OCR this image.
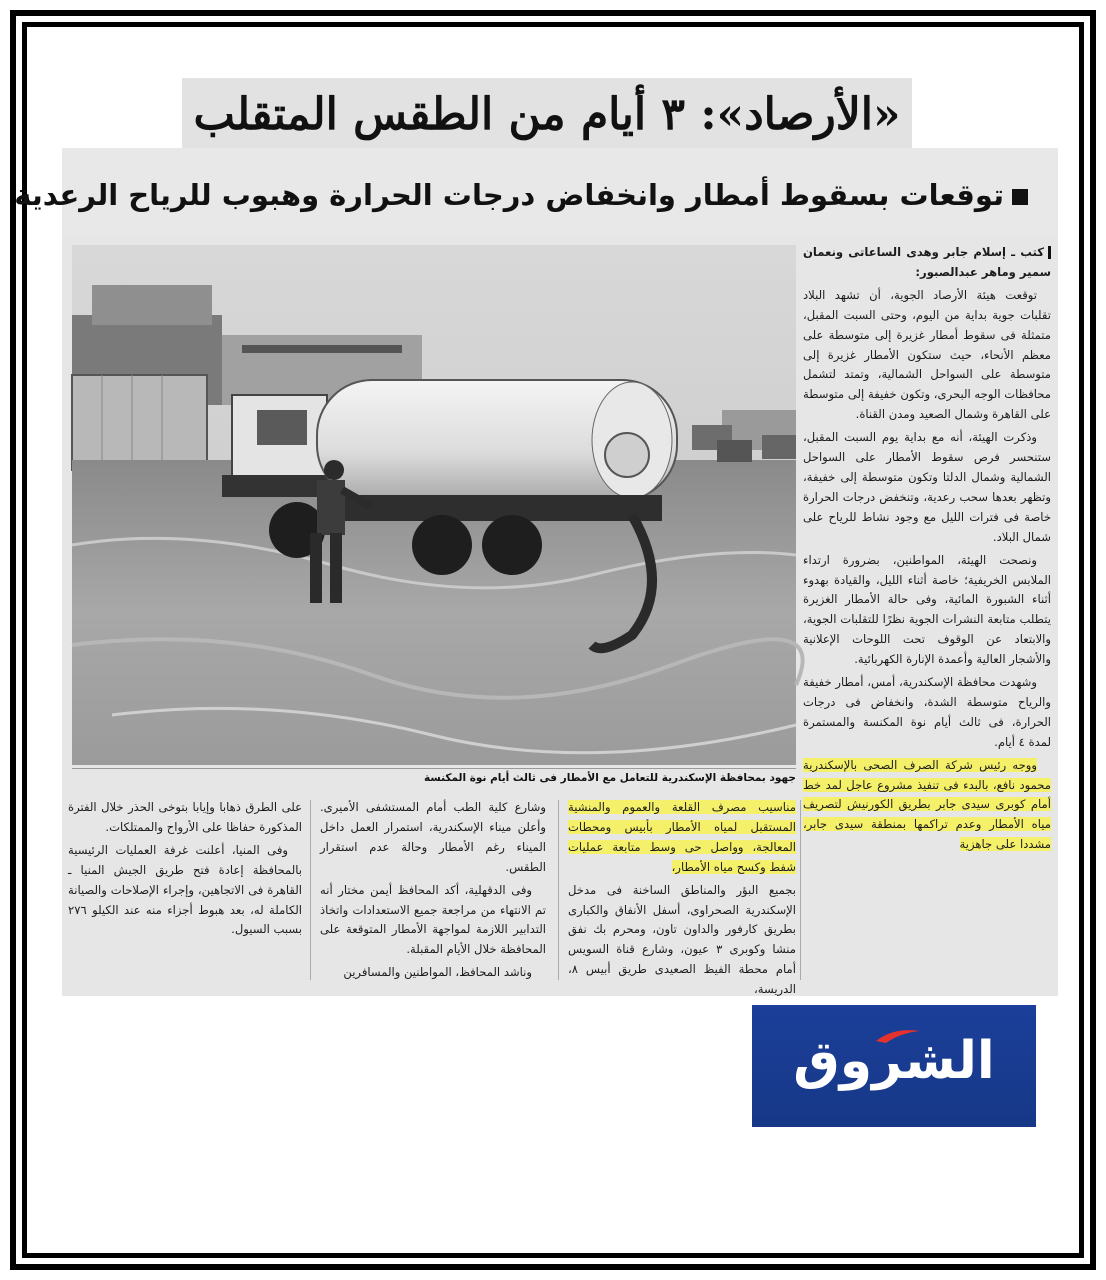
«الأرصاد»: ٣ أيام من الطقس المتقلب
توقعات بسقوط أمطار وانخفاض درجات الحرارة وهبوب للرياح الرعدية
جهود بمحافظة الإسكندرية للتعامل مع الأمطار فى ثالث أيام نوة المكنسة

كتب ـ إسلام جابر وهدى الساعاتى ونعمان سمير وماهر عبدالصبور:

توقعت هيئة الأرصاد الجوية، أن تشهد البلاد تقلبات جوية بداية من اليوم، وحتى السبت المقبل، متمثلة فى سقوط أمطار غزيرة إلى متوسطة على معظم الأنحاء، حيث ستكون الأمطار غزيرة إلى متوسطة على السواحل الشمالية، وتمتد لتشمل محافظات الوجه البحرى، وتكون خفيفة إلى متوسطة على القاهرة وشمال الصعيد ومدن القناة.

وذكرت الهيئة، أنه مع بداية يوم السبت المقبل، ستنحسر فرص سقوط الأمطار على السواحل الشمالية وشمال الدلتا وتكون متوسطة إلى خفيفة، وتظهر بعدها سحب رعدية، وتنخفض درجات الحرارة خاصة فى فترات الليل مع وجود نشاط للرياح على شمال البلاد.

ونصحت الهيئة، المواطنين، بضرورة ارتداء الملابس الخريفية؛ خاصة أثناء الليل، والقيادة بهدوء أثناء الشبورة المائية، وفى حالة الأمطار الغزيرة يتطلب متابعة النشرات الجوية نظرًا للتقلبات الجوية، والابتعاد عن الوقوف تحت اللوحات الإعلانية والأشجار العالية وأعمدة الإنارة الكهربائية.

وشهدت محافظة الإسكندرية، أمس، أمطار خفيفة والرياح متوسطة الشدة، وانخفاض فى درجات الحرارة، فى ثالث أيام نوة المكنسة والمستمرة لمدة ٤ أيام.

ووجه رئيس شركة الصرف الصحى بالإسكندرية محمود نافع، بالبدء فى تنفيذ مشروع عاجل لمد خط أمام كوبرى سيدى جابر بطريق الكورنيش لتصريف مياه الأمطار وعدم تراكمها بمنطقة سيدى جابر، مشددا على جاهزية

مناسيب مصرف القلعة والعموم والمنشية المستقبل لمياه الأمطار بأبيس ومحطات المعالجة، وواصل حى وسط متابعة عمليات شفط وكسح مياه الأمطار،

بجميع البؤر والمناطق الساخنة فى مدخل الإسكندرية الصحراوى، أسفل الأنفاق والكبارى بطريق كارفور والداون تاون، ومحرم بك نفق منشا وكوبرى ٣ عيون، وشارع قناة السويس أمام محطة الفيظ الصعيدى طريق أبيس ٨، الدريسة،

وشارع كلية الطب أمام المستشفى الأميرى. وأعلن ميناء الإسكندرية، استمرار العمل داخل الميناء رغم الأمطار وحالة عدم استقرار الطقس.

وفى الدقهلية، أكد المحافظ أيمن مختار أنه تم الانتهاء من مراجعة جميع الاستعدادات واتخاذ التدابير اللازمة لمواجهة الأمطار المتوقعة على المحافظة خلال الأيام المقبلة.

وناشد المحافظ، المواطنين والمسافرين

على الطرق ذهابا وإيابا بتوخى الحذر خلال الفترة المذكورة حفاظا على الأرواح والممتلكات.

وفى المنيا، أعلنت غرفة العمليات الرئيسية بالمحافظة إعادة فتح طريق الجيش المنيا ـ القاهرة فى الاتجاهين، وإجراء الإصلاحات والصيانة الكاملة له، بعد هبوط أجزاء منه عند الكيلو ٢٧٦ بسبب السيول.

الشروق
